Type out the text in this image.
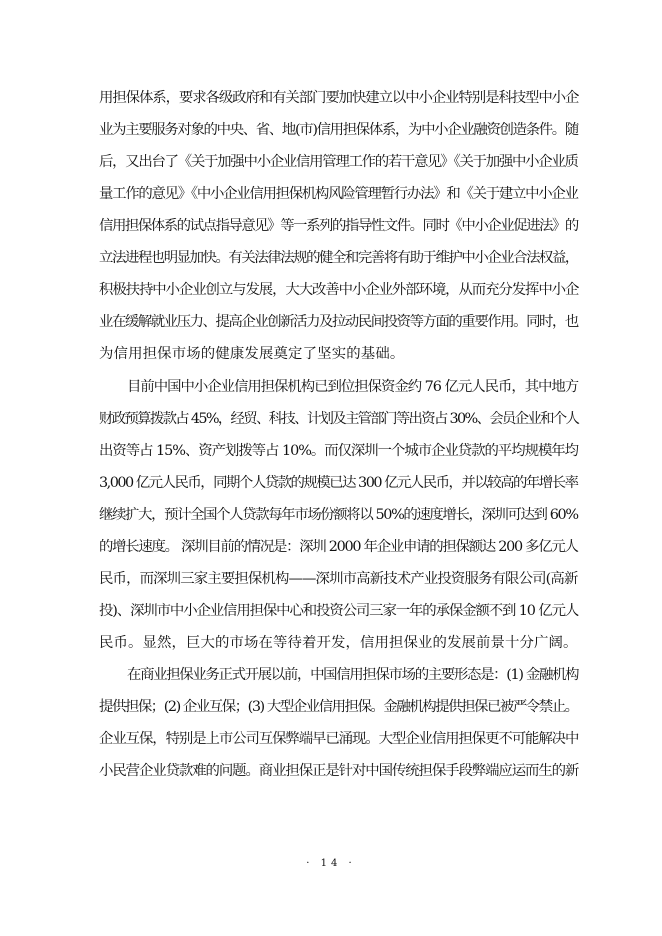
用担保体系，要求各级政府和有关部门要加快建立以中小企业特别是科技型中小企
业为主要服务对象的中央、省、地(市)信用担保体系，为中小企业融资创造条件。随
后，又出台了《关于加强中小企业信用管理工作的若干意见》《关于加强中小企业质
量工作的意见》《中小企业信用担保机构风险管理暂行办法》和《关于建立中小企业
信用担保体系的试点指导意见》等一系列的指导性文件。同时《中小企业促进法》的
立法进程也明显加快。有关法律法规的健全和完善将有助于维护中小企业合法权益，
积极扶持中小企业创立与发展，大大改善中小企业外部环境，从而充分发挥中小企
业在缓解就业压力、提高企业创新活力及拉动民间投资等方面的重要作用。同时，也
为信用担保市场的健康发展奠定了坚实的基础。
目前中国中小企业信用担保机构已到位担保资金约 76 亿元人民币，其中地方
财政预算拨款占 45%，经贸、科技、计划及主管部门等出资占 30%、会员企业和个人
出资等占 15%、资产划拨等占 10%。而仅深圳一个城市企业贷款的平均规模年均
3,000 亿元人民币，同期个人贷款的规模已达 300 亿元人民币，并以较高的年增长率
继续扩大，预计全国个人贷款每年市场份额将以 50%的速度增长，深圳可达到 60%
的增长速度。 深圳目前的情况是：深圳 2000 年企业申请的担保额达 200 多亿元人
民币，而深圳三家主要担保机构——深圳市高新技术产业投资服务有限公司(高新
投)、深圳市中小企业信用担保中心和投资公司三家一年的承保金额不到 10 亿元人
民币。显然，巨大的市场在等待着开发，信用担保业的发展前景十分广阔。
在商业担保业务正式开展以前，中国信用担保市场的主要形态是：(1) 金融机构
提供担保；(2) 企业互保；(3) 大型企业信用担保。金融机构提供担保已被严令禁止。
企业互保，特别是上市公司互保弊端早已涌现。大型企业信用担保更不可能解决中
小民营企业贷款难的问题。商业担保正是针对中国传统担保手段弊端应运而生的新
· 14 ·
